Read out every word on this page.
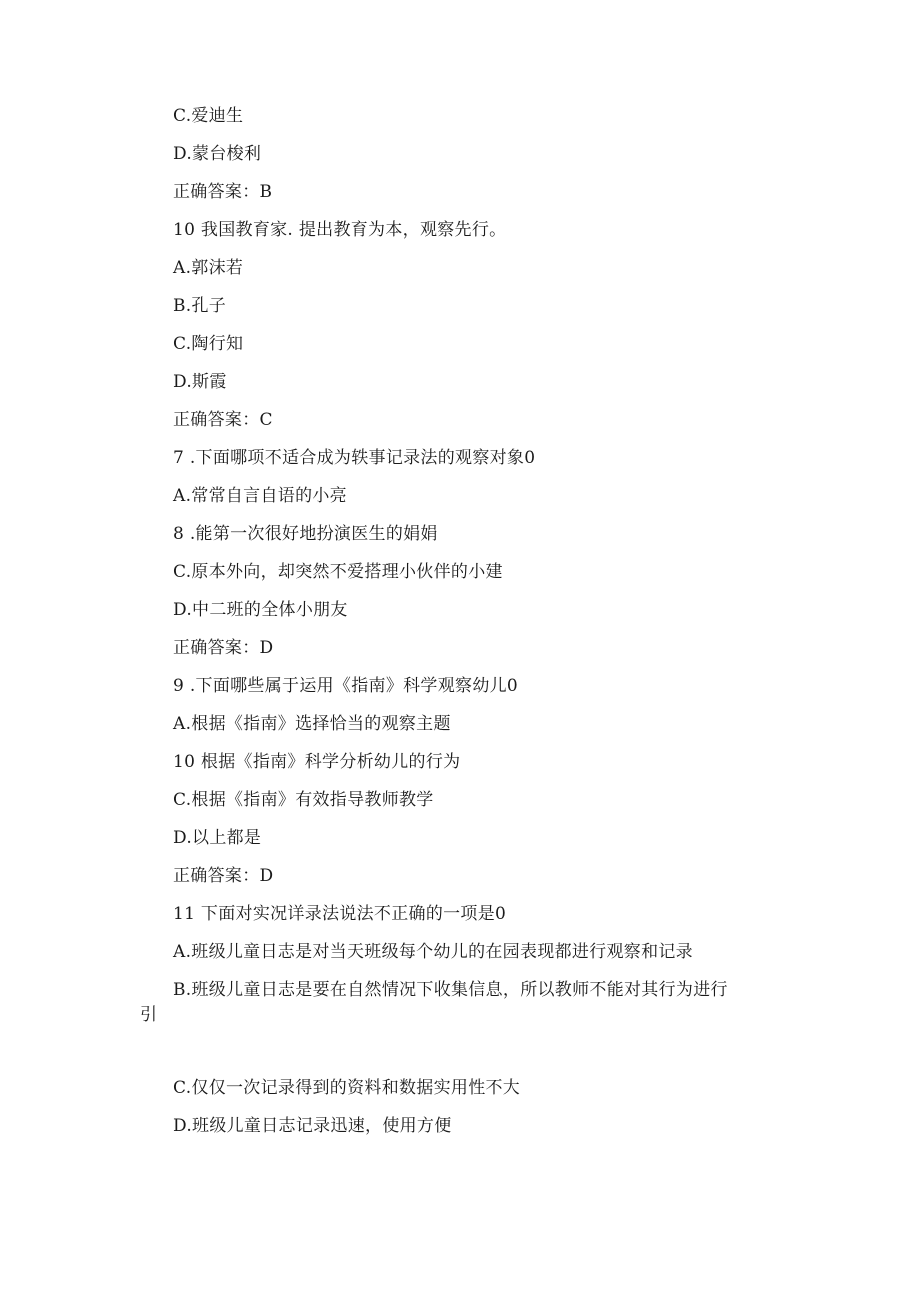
C.爱迪生
D.蒙台梭利
正确答案：B
10 我国教育家. 提出教育为本，观察先行。
A.郭沫若
B.孔子
C.陶行知
D.斯霞
正确答案：C
7 .下面哪项不适合成为轶事记录法的观察对象0
A.常常自言自语的小亮
8 .能第一次很好地扮演医生的娟娟
C.原本外向，却突然不爱搭理小伙伴的小建
D.中二班的全体小朋友
正确答案：D
9 .下面哪些属于运用《指南》科学观察幼儿0
A.根据《指南》选择恰当的观察主题
10 根据《指南》科学分析幼儿的行为
C.根据《指南》有效指导教师教学
D.以上都是
正确答案：D
11 下面对实况详录法说法不正确的一项是0
A.班级儿童日志是对当天班级每个幼儿的在园表现都进行观察和记录
B.班级儿童日志是要在自然情况下收集信息，所以教师不能对其行为进行
引
C.仅仅一次记录得到的资料和数据实用性不大
D.班级儿童日志记录迅速，使用方便
